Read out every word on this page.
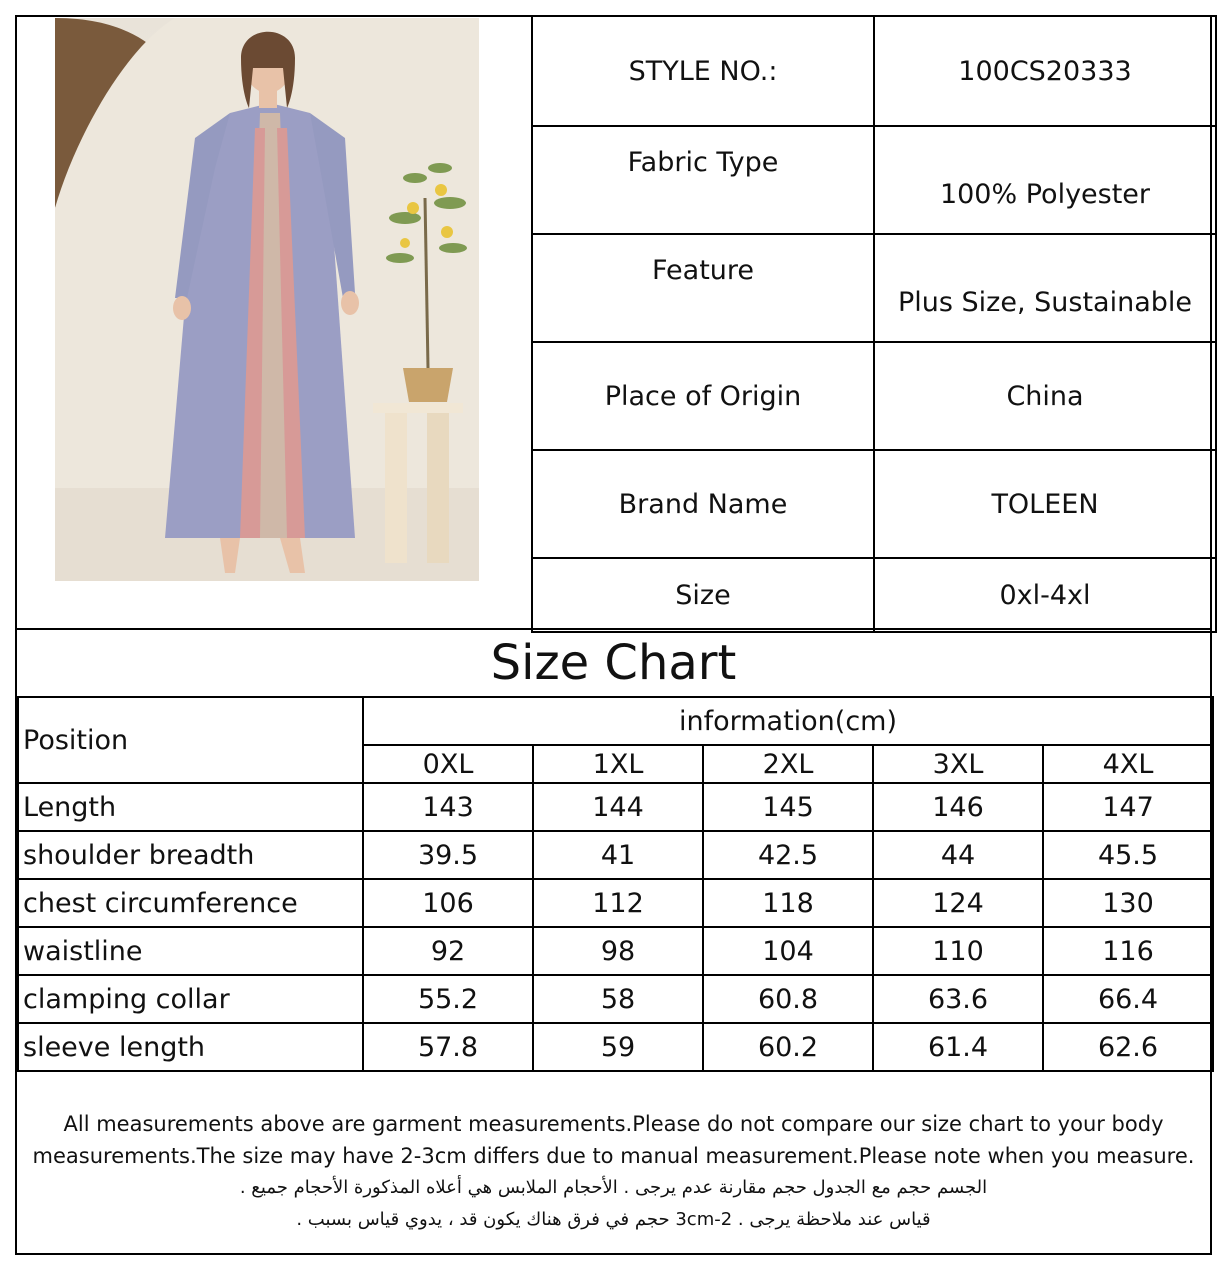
STYLE NO.:	100CS20333
Fabric Type	100% Polyester
Feature	Plus Size, Sustainable
Place of Origin	China
Brand Name	TOLEEN
Size	0xl-4xl
Size Chart
Position	information(cm)				
	0XL	1XL	2XL	3XL	4XL
Length	143	144	145	146	147
shoulder breadth	39.5	41	42.5	44	45.5
chest circumference	106	112	118	124	130
waistline	92	98	104	110	116
clamping collar	55.2	58	60.8	63.6	66.4
sleeve length	57.8	59	60.2	61.4	62.6
All measurements above are garment measurements.Please do not compare our size chart to your body
measurements.The size may have 2-3cm differs due to manual measurement.Please note when you measure.
الجسم حجم مع الجدول حجم مقارنة عدم يرجى . الأحجام الملابس هي أعلاه المذكورة الأحجام جميع .
قياس عند ملاحظة يرجى . 2-3cm حجم في فرق هناك يكون قد ، يدوي قياس بسبب .
